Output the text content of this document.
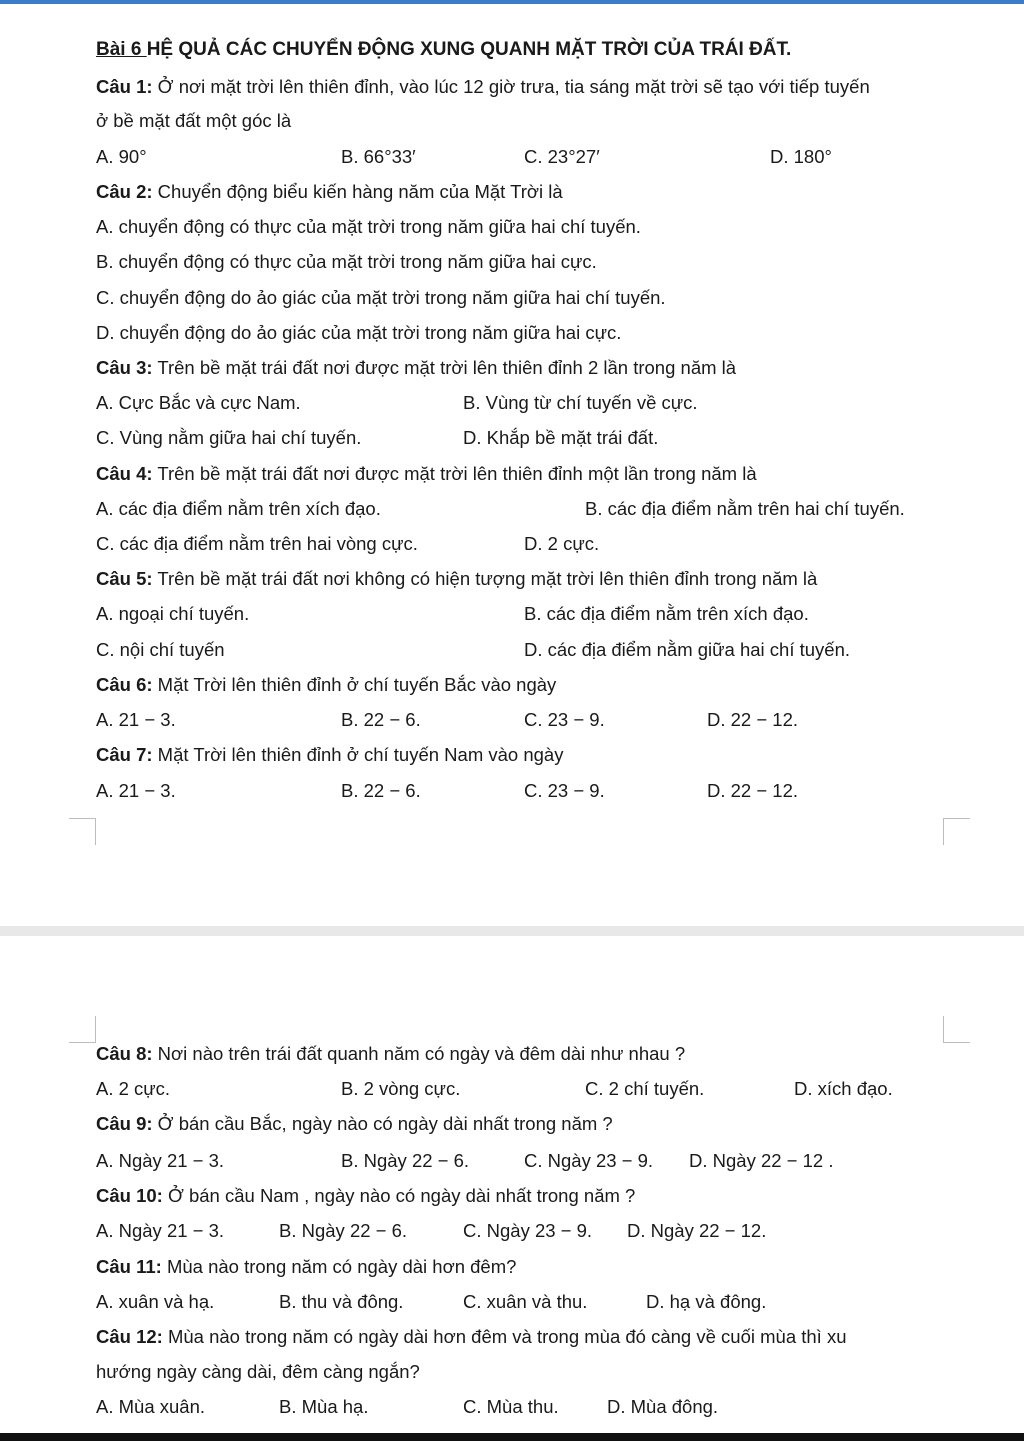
Bài 6 HỆ QUẢ CÁC CHUYỂN ĐỘNG XUNG QUANH MẶT TRỜI CỦA TRÁI ĐẤT.
Câu 1: Ở nơi mặt trời lên thiên đỉnh, vào lúc 12 giờ trưa, tia sáng mặt trời sẽ tạo với tiếp tuyến
ở bề mặt đất một góc là
A. 90°	B. 66°33′	C. 23°27′	D. 180°
Câu 2: Chuyển động biểu kiến hàng năm của Mặt Trời là
A. chuyển động có thực của mặt trời trong năm giữa hai chí tuyến.
B. chuyển động có thực của mặt trời trong năm giữa hai cực.
C. chuyển động do ảo giác của mặt trời trong năm giữa hai chí tuyến.
D. chuyển động do ảo giác của mặt trời trong năm giữa hai cực.
Câu 3: Trên bề mặt trái đất nơi được mặt trời lên thiên đỉnh 2 lần trong năm là
A. Cực Bắc và cực Nam.	B. Vùng từ chí tuyến về cực.
C. Vùng nằm giữa hai chí tuyến.	D. Khắp bề mặt trái đất.
Câu 4: Trên bề mặt trái đất nơi được mặt trời lên thiên đỉnh một lần trong năm là
A. các địa điểm nằm trên xích đạo.	B. các địa điểm nằm trên hai chí tuyến.
C. các địa điểm nằm trên hai vòng cực.	D. 2 cực.
Câu 5: Trên bề mặt trái đất nơi không có hiện tượng mặt trời lên thiên đỉnh trong năm là
A. ngoại chí tuyến.	B. các địa điểm nằm trên xích đạo.
C. nội chí tuyến	D. các địa điểm nằm giữa hai chí tuyến.
Câu 6: Mặt Trời lên thiên đỉnh ở chí tuyến Bắc vào ngày
A. 21 − 3.	B. 22 − 6.	C. 23 − 9.	D. 22 − 12.
Câu 7: Mặt Trời lên thiên đỉnh ở chí tuyến Nam vào ngày
A. 21 − 3.	B. 22 − 6.	C. 23 − 9.	D. 22 − 12.
Câu 8: Nơi nào trên trái đất quanh năm có ngày và đêm dài như nhau ?
A. 2 cực.	B. 2 vòng cực.	C. 2 chí tuyến.	D. xích đạo.
Câu 9: Ở bán cầu Bắc, ngày nào có ngày dài nhất trong năm ?
A. Ngày 21 − 3.	B. Ngày 22 − 6.	C. Ngày 23 − 9. D. Ngày 22 − 12 .
Câu 10: Ở bán cầu Nam , ngày nào có ngày dài nhất trong năm ?
A. Ngày 21 − 3.	B. Ngày 22 − 6.	C. Ngày 23 − 9. D. Ngày 22 − 12.
Câu 11: Mùa nào trong năm có ngày dài hơn đêm?
A. xuân và hạ.	B. thu và đông.	C. xuân và thu.	D. hạ và đông.
Câu 12: Mùa nào trong năm có ngày dài hơn đêm và trong mùa đó càng về cuối mùa thì xu
hướng ngày càng dài, đêm càng ngắn?
A. Mùa xuân.	B. Mùa hạ.	C. Mùa thu.	D. Mùa đông.
